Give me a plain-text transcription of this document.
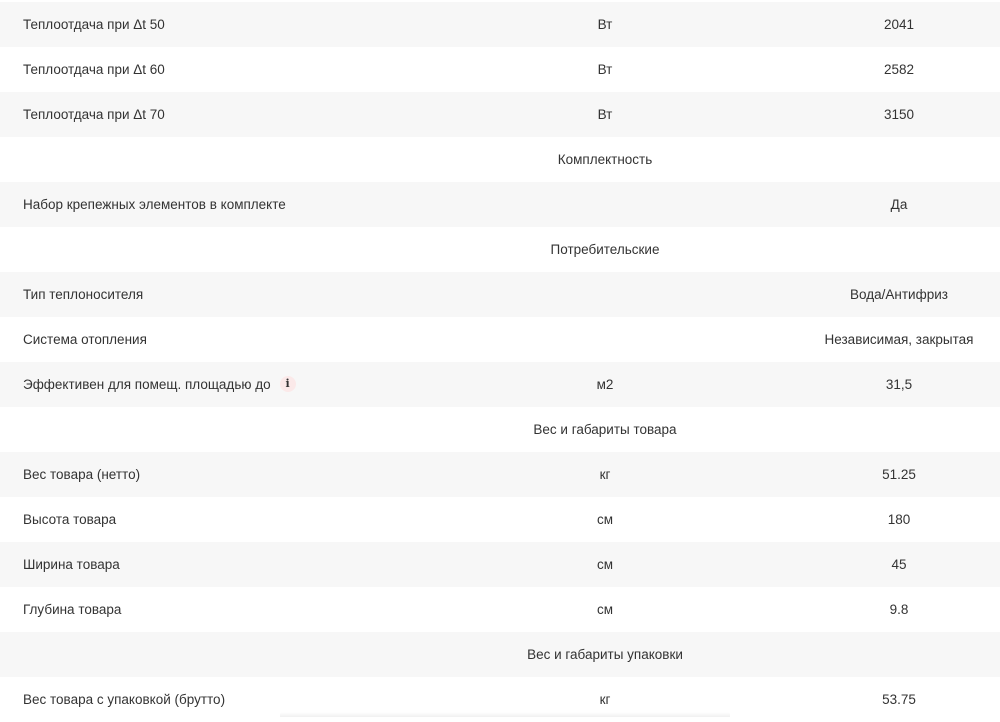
Теплоотдача при Δt 50	Вт	2041
Теплоотдача при Δt 60	Вт	2582
Теплоотдача при Δt 70	Вт	3150
Комплектность
Набор крепежных элементов в комплекте	Да
Потребительские
Тип теплоносителя	Вода/Антифриз
Система отопления	Независимая, закрытая
Эффективен для помещ. площадью до i	м2	31,5
Вес и габариты товара
Вес товара (нетто)	кг	51.25
Высота товара	см	180
Ширина товара	см	45
Глубина товара	см	9.8
Вес и габариты упаковки
Вес товара с упаковкой (брутто)	кг	53.75
